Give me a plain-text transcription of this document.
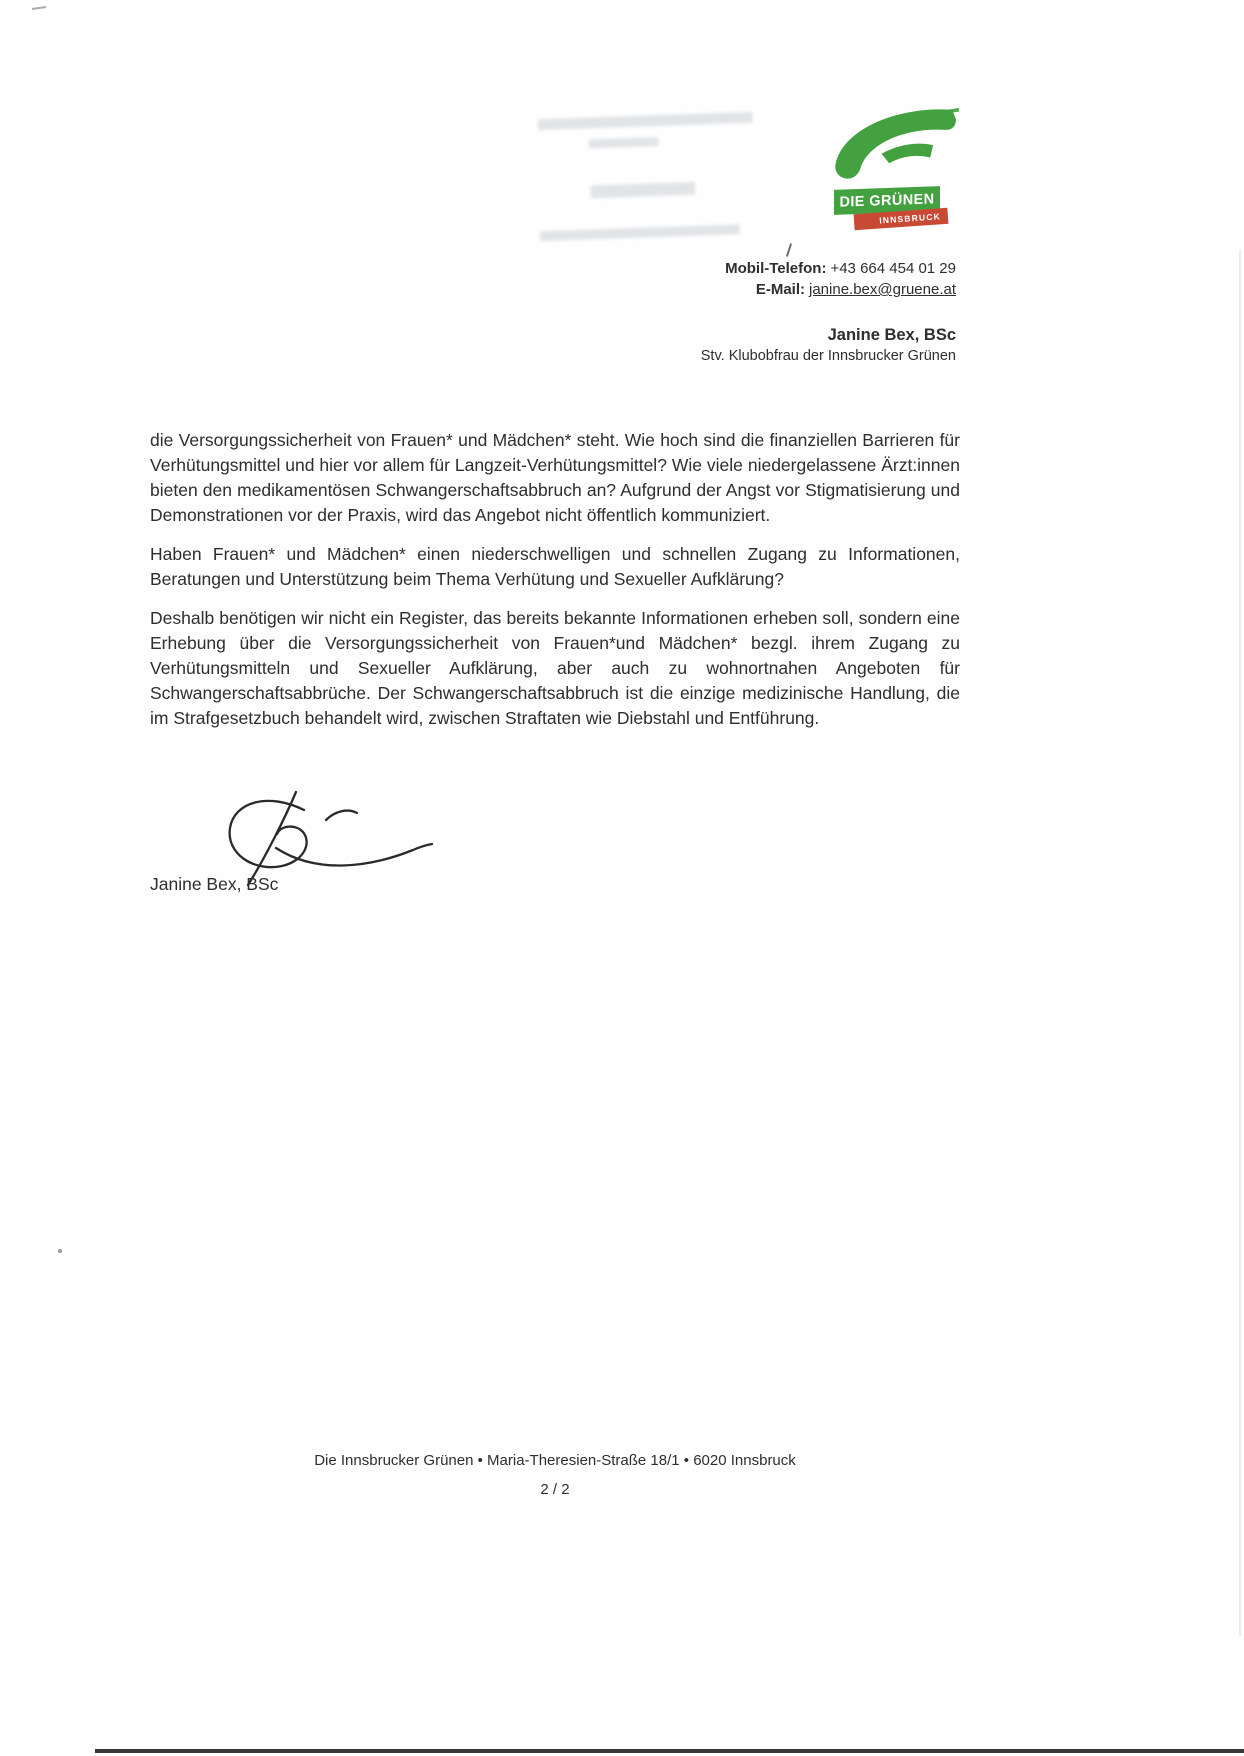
DIE GRÜNEN
INNSBRUCK
Mobil-Telefon: +43 664 454 01 29
E-Mail: janine.bex@gruene.at
Janine Bex, BSc
Stv. Klubobfrau der Innsbrucker Grünen

die Versorgungssicherheit von Frauen* und Mädchen* steht. Wie hoch sind die finanziellen Barrieren für Verhütungsmittel und hier vor allem für Langzeit-Verhütungsmittel? Wie viele niedergelassene Ärzt:innen bieten den medikamentösen Schwangerschaftsabbruch an? Aufgrund der Angst vor Stigmatisierung und Demonstrationen vor der Praxis, wird das Angebot nicht öffentlich kommuniziert.

Haben Frauen* und Mädchen* einen niederschwelligen und schnellen Zugang zu Informationen, Beratungen und Unterstützung beim Thema Verhütung und Sexueller Aufklärung?

Deshalb benötigen wir nicht ein Register, das bereits bekannte Informationen erheben soll, sondern eine Erhebung über die Versorgungssicherheit von Frauen*und Mädchen* bezgl. ihrem Zugang zu Verhütungsmitteln und Sexueller Aufklärung, aber auch zu wohnortnahen Angeboten für Schwangerschaftsabbrüche. Der Schwangerschaftsabbruch ist die einzige medizinische Handlung, die im Strafgesetzbuch behandelt wird, zwischen Straftaten wie Diebstahl und Entführung.

Janine Bex, BSc
Die Innsbrucker Grünen • Maria-Theresien-Straße 18/1 • 6020 Innsbruck
2 / 2
